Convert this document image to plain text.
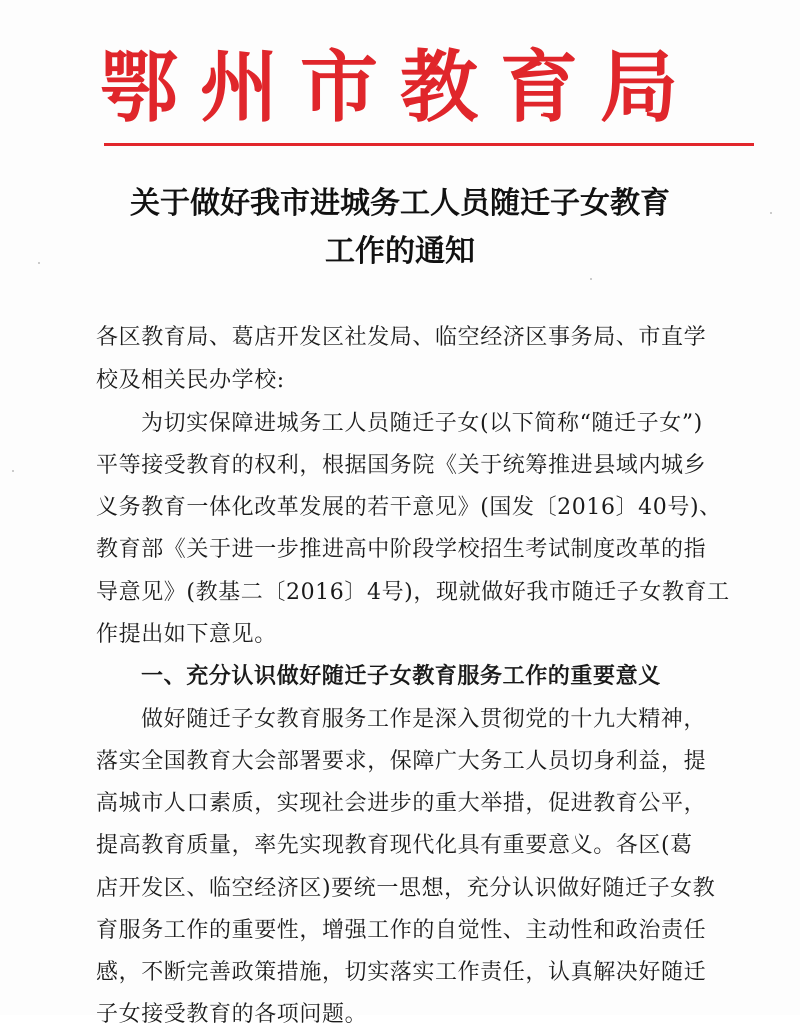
鄂州市教育局
关于做好我市进城务工人员随迁子女教育
工作的通知
各区教育局、葛店开发区社发局、临空经济区事务局、市直学
校及相关民办学校:
为切实保障进城务工人员随迁子女(以下简称“随迁子女”)
平等接受教育的权利，根据国务院《关于统筹推进县域内城乡
义务教育一体化改革发展的若干意见》(国发〔2016〕40号)、
教育部《关于进一步推进高中阶段学校招生考试制度改革的指
导意见》(教基二〔2016〕4号)，现就做好我市随迁子女教育工
作提出如下意见。
一、充分认识做好随迁子女教育服务工作的重要意义
做好随迁子女教育服务工作是深入贯彻党的十九大精神，
落实全国教育大会部署要求，保障广大务工人员切身利益，提
高城市人口素质，实现社会进步的重大举措，促进教育公平，
提高教育质量，率先实现教育现代化具有重要意义。各区(葛
店开发区、临空经济区)要统一思想，充分认识做好随迁子女教
育服务工作的重要性，增强工作的自觉性、主动性和政治责任
感，不断完善政策措施，切实落实工作责任，认真解决好随迁
子女接受教育的各项问题。
